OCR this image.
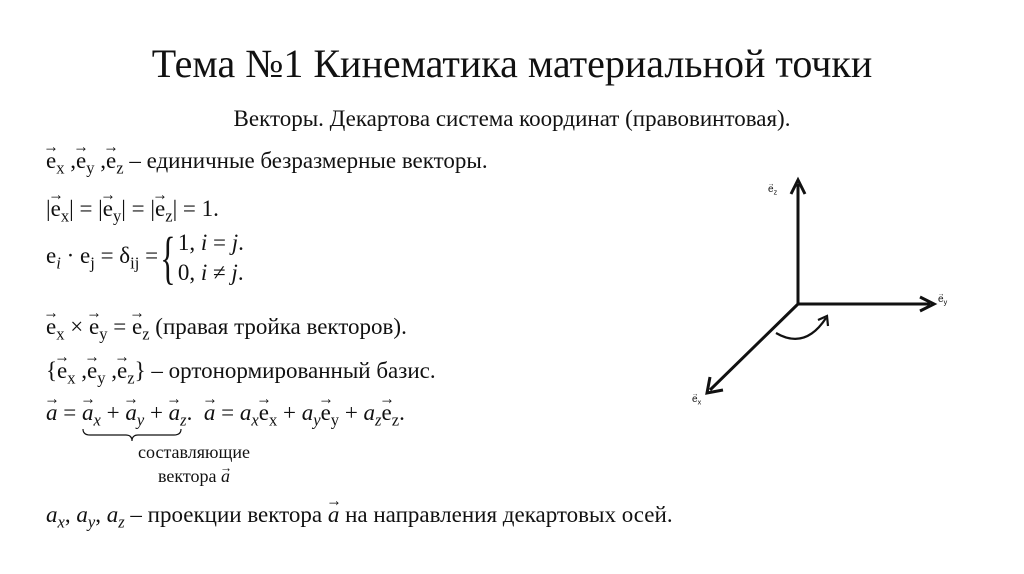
Тема №1 Кинематика материальной точки
Векторы. Декартова система координат (правовинтовая).
→ $e_x$ ,→ $e_y$ ,→ $e_z$ – единичные безразмерные векторы.
|→ $e_x|$ = |→ $e_y|$ = |→ $e_z| = 1$.
$e_i \cdot e_j = \delta_{ij}$ ={ 1, i = j.
0, i ≠ j.
→ $e_x$ × → $e_y$ = → $e_z$ (правая тройка векторов).
{→ $e_x$ ,→ $e_y$ ,→ $e_z$} – ортонормированный базис.
→ a = → $a_x$ + → $a_y$ + → $a_z$
.  → $a = a_x\to e_x + a_y\to e_y + a_z\to e_z$.
составляющие
вектора → a
$a_x$, $a_y$, $a_z$ – проекции вектора → a на направления декартовых осей.
→ $e_z$
→ $e_y$
→ $e_x$
